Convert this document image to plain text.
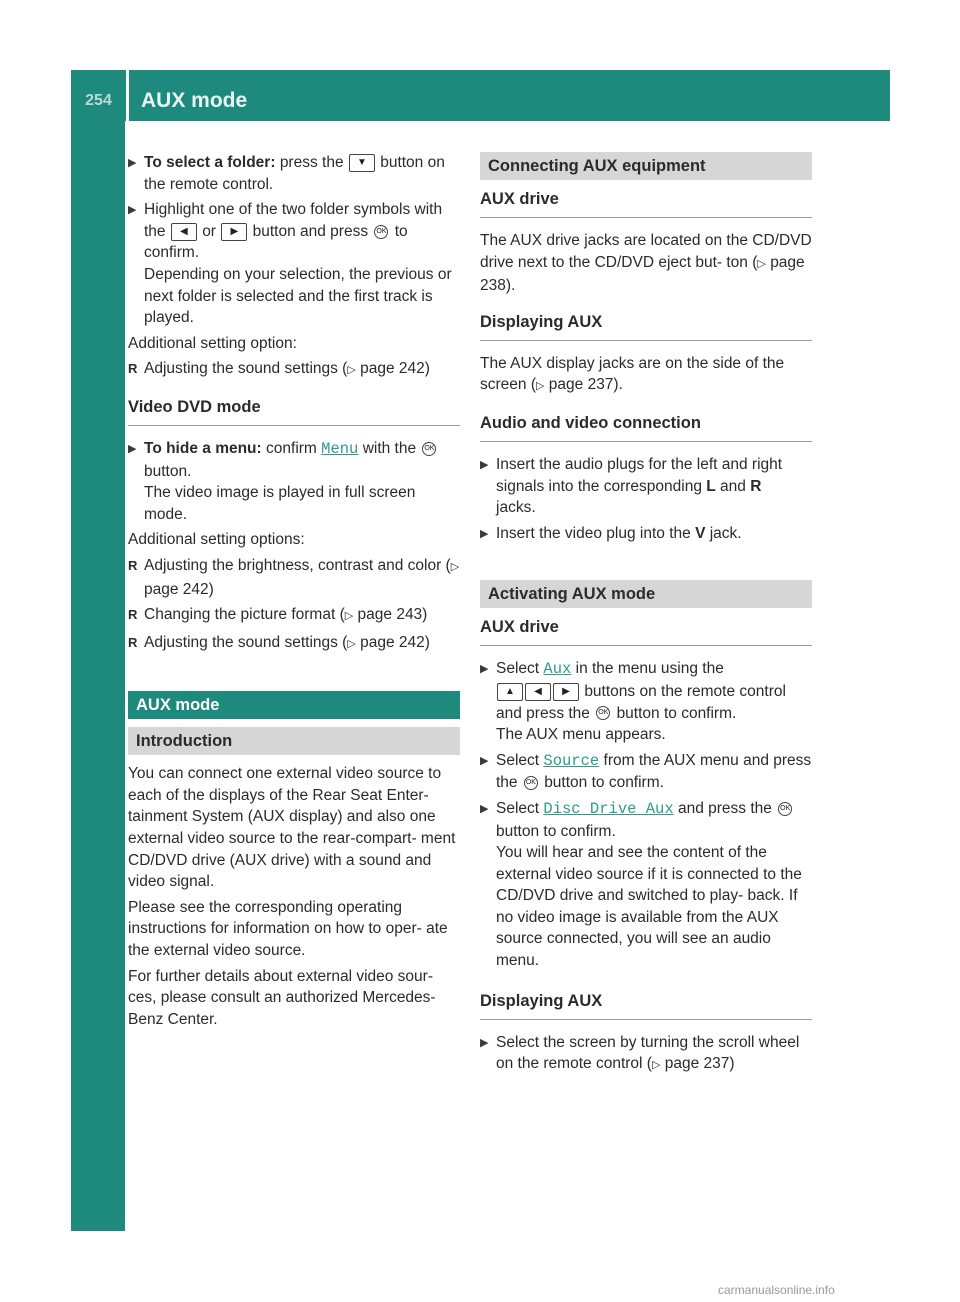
254	AUX mode
Rear Seat Entertainment System
▶ To select a folder: press the ▼ button on the remote control.
▶ Highlight one of the two folder symbols with the ◀ or ▶ button and press OK to confirm.
Depending on your selection, the previous or next folder is selected and the first track is played.

Additional setting option:

R Adjusting the sound settings (▷ page 242)
Video DVD mode
▶ To hide a menu: confirm Menu with the OK
button.
The video image is played in full screen mode.

Additional setting options:

R Adjusting the brightness, contrast and color (▷ page 242)
R Changing the picture format (▷ page 243)
R Adjusting the sound settings (▷ page 242)
AUX mode
Introduction

You can connect one external video source to each of the displays of the Rear Seat Enter- tainment System (AUX display) and also one external video source to the rear-compart- ment CD/DVD drive (AUX drive) with a sound and video signal.

Please see the corresponding operating instructions for information on how to oper- ate the external video source.

For further details about external video sour- ces, please consult an authorized Mercedes- Benz Center.

Connecting AUX equipment
AUX drive

The AUX drive jacks are located on the CD/DVD drive next to the CD/DVD eject but- ton (▷ page 238).

Displaying AUX

The AUX display jacks are on the side of the screen (▷ page 237).

Audio and video connection
▶ Insert the audio plugs for the left and right signals into the corresponding L and R
jacks.
▶ Insert the video plug into the V jack.
Activating AUX mode
AUX drive
▶ Select Aux in the menu using the
▲ ◀ ▶ buttons on the remote control and press the OK button to confirm.
The AUX menu appears.
▶ Select Source from the AUX menu and press the OK button to confirm.
▶ Select Disc Drive Aux and press the OK
button to confirm.
You will hear and see the content of the external video source if it is connected to the CD/DVD drive and switched to play- back. If no video image is available from the AUX source connected, you will see an audio menu.
Displaying AUX
▶ Select the screen by turning the scroll wheel on the remote control (▷ page 237)
carmanualsonline.info
